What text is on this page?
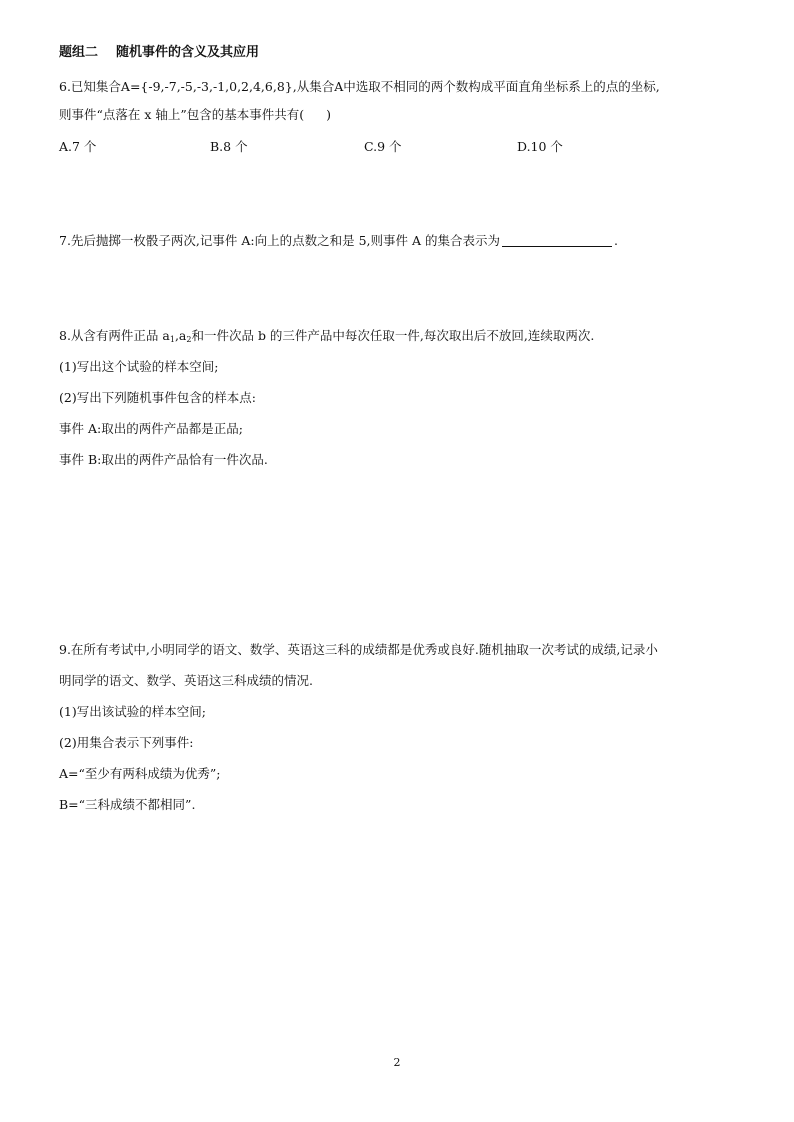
题组二 随机事件的含义及其应用
6.已知集合A={-9,-7,-5,-3,-1,0,2,4,6,8},从集合A中选取不相同的两个数构成平面直角坐标系上的点的坐标,
则事件“点落在 x 轴上”包含的基本事件共有( )
A.7 个	B.8 个	C.9 个	D.10 个
7.先后抛掷一枚骰子两次,记事件 A:向上的点数之和是 5,则事件 A 的集合表示为	.
8.从含有两件正品 $a_1,a_2$和一件次品 b 的三件产品中每次任取一件,每次取出后不放回,连续取两次.
(1)写出这个试验的样本空间;
(2)写出下列随机事件包含的样本点:
事件 A:取出的两件产品都是正品;
事件 B:取出的两件产品恰有一件次品.
9.在所有考试中,小明同学的语文、数学、英语这三科的成绩都是优秀或良好.随机抽取一次考试的成绩,记录小
明同学的语文、数学、英语这三科成绩的情况.
(1)写出该试验的样本空间;
(2)用集合表示下列事件:
A=“至少有两科成绩为优秀”;
B=“三科成绩不都相同”.
2
